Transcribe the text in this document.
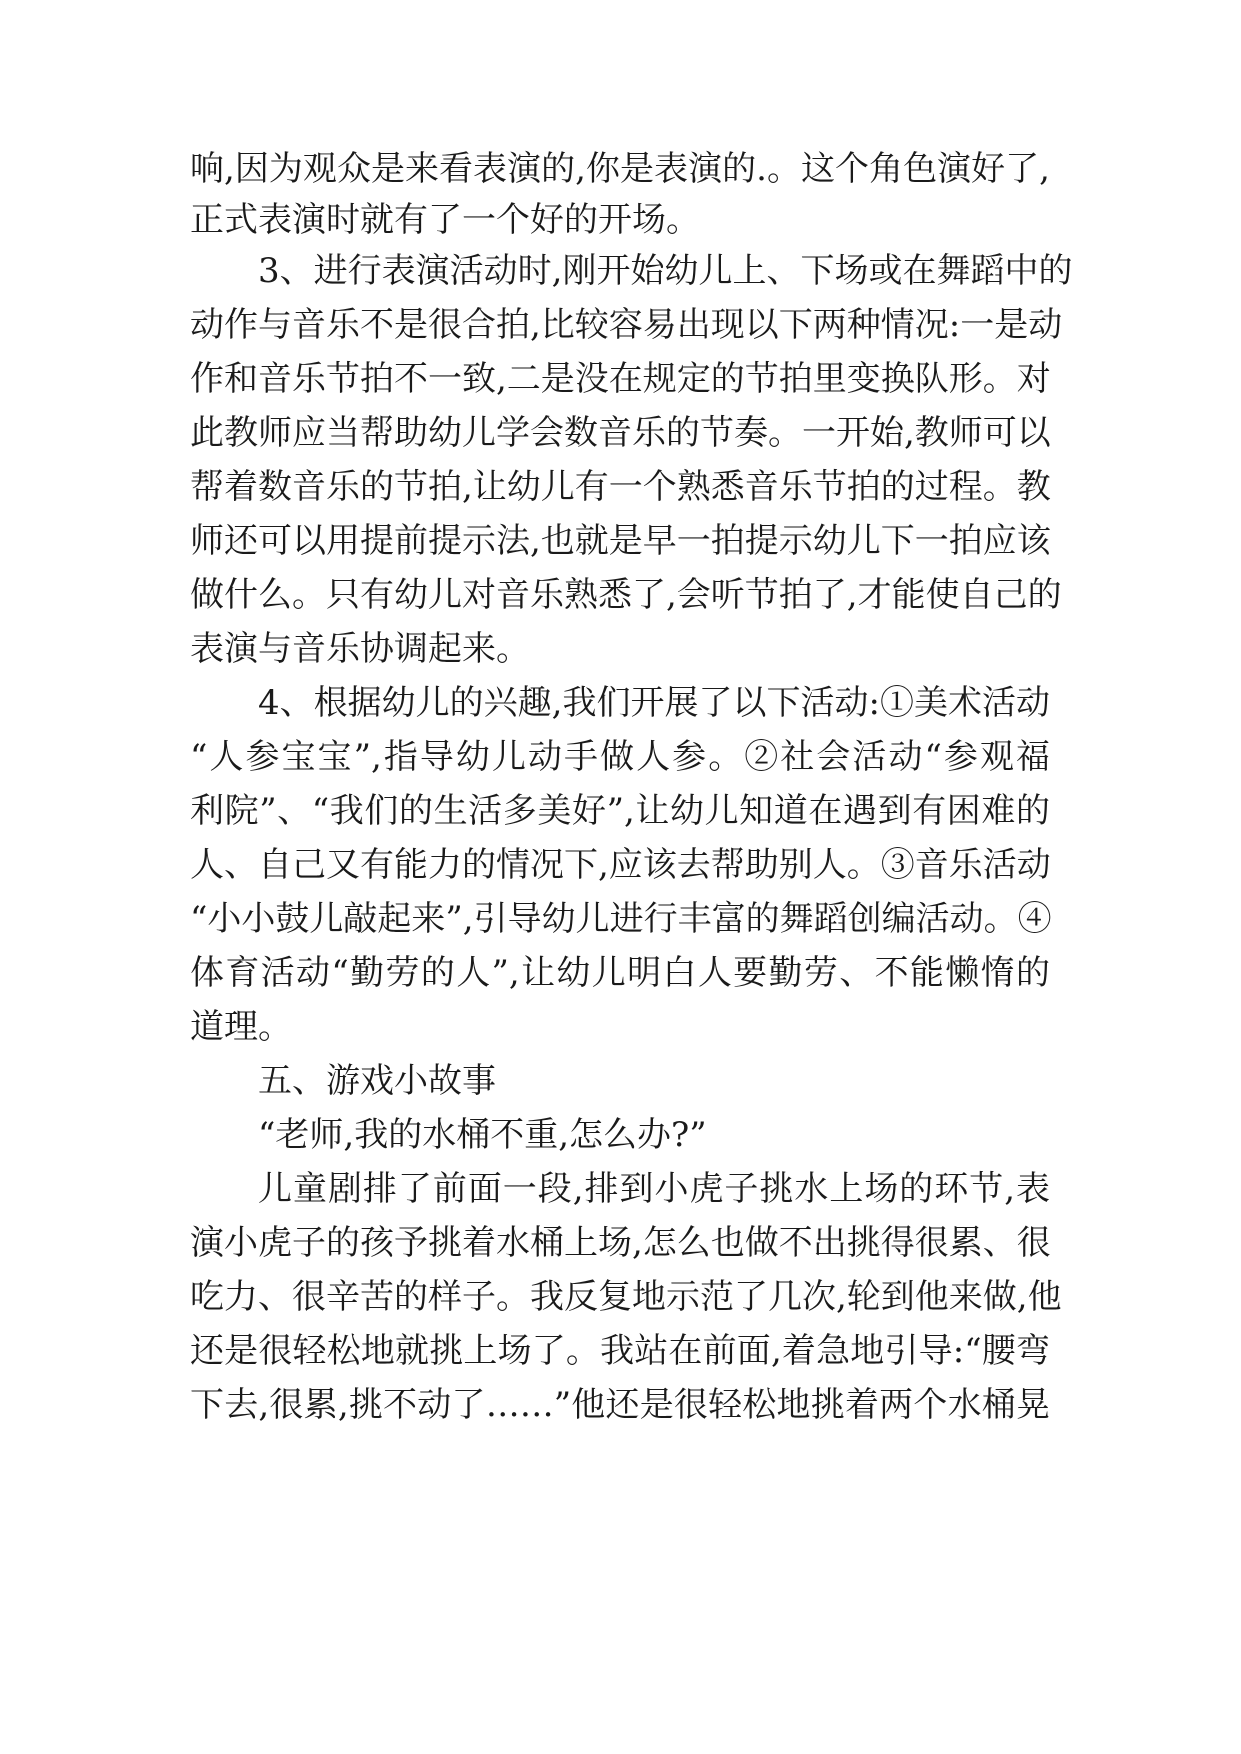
响,因为观众是来看表演的,你是表演的.。这个角色演好了,
正式表演时就有了一个好的开场。
3、进行表演活动时,刚开始幼儿上、下场或在舞蹈中的
动作与音乐不是很合拍,比较容易出现以下两种情况:一是动
作和音乐节拍不一致,二是没在规定的节拍里变换队形。对
此教师应当帮助幼儿学会数音乐的节奏。一开始,教师可以
帮着数音乐的节拍,让幼儿有一个熟悉音乐节拍的过程。教
师还可以用提前提示法,也就是早一拍提示幼儿下一拍应该
做什么。只有幼儿对音乐熟悉了,会听节拍了,才能使自己的
表演与音乐协调起来。
4、根据幼儿的兴趣,我们开展了以下活动:①美术活动
“人参宝宝”,指导幼儿动手做人参。②社会活动“参观福
利院”、“我们的生活多美好”,让幼儿知道在遇到有困难的
人、自己又有能力的情况下,应该去帮助别人。③音乐活动
“小小鼓儿敲起来”,引导幼儿进行丰富的舞蹈创编活动。④
体育活动“勤劳的人”,让幼儿明白人要勤劳、不能懒惰的
道理。
五、游戏小故事
“老师,我的水桶不重,怎么办?”
儿童剧排了前面一段,排到小虎子挑水上场的环节,表
演小虎子的孩予挑着水桶上场,怎么也做不出挑得很累、很
吃力、很辛苦的样子。我反复地示范了几次,轮到他来做,他
还是很轻松地就挑上场了。我站在前面,着急地引导:“腰弯
下去,很累,挑不动了……”他还是很轻松地挑着两个水桶晃
